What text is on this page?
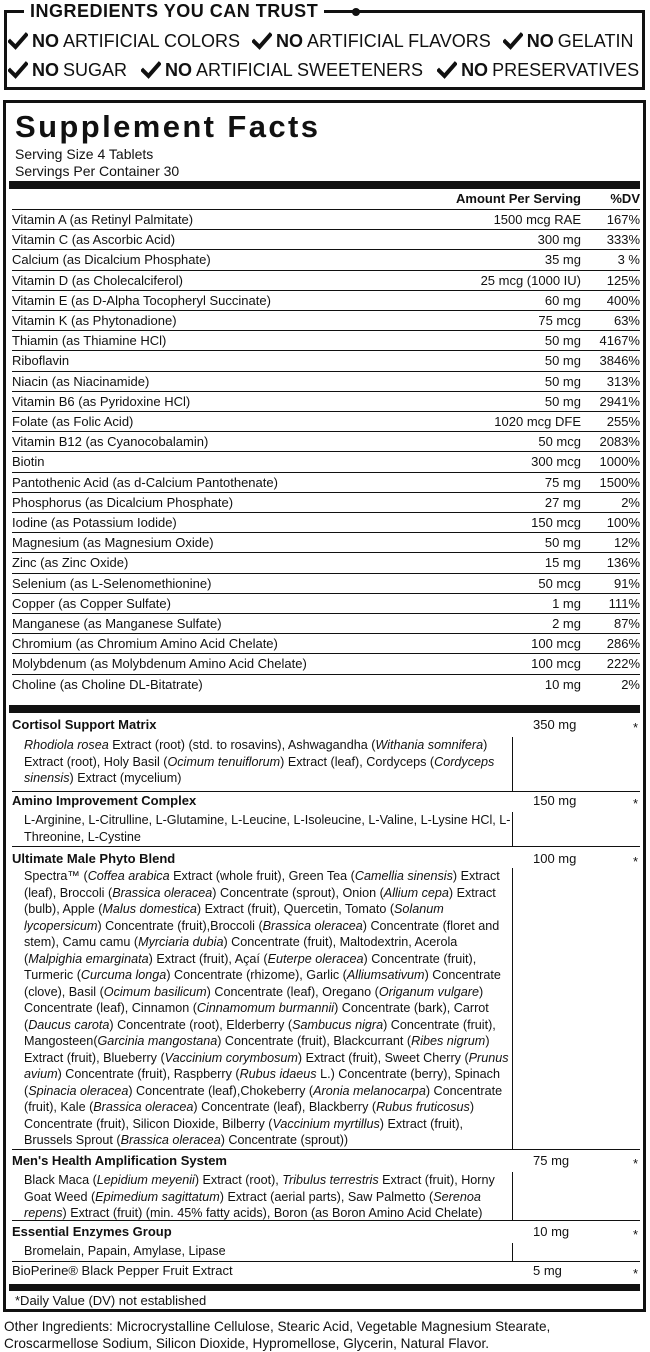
INGREDIENTS YOU CAN TRUST
NO ARTIFICIAL COLORS NO ARTIFICIAL FLAVORS NO GELATIN
NO SUGAR NO ARTIFICIAL SWEETENERS NO PRESERVATIVES
Supplement Facts
Serving Size 4 Tablets
Servings Per Container 30
Amount Per Serving %DV
Vitamin A (as Retinyl Palmitate)	1500 mcg RAE 167%
Vitamin C (as Ascorbic Acid)	300 mg 333%
Calcium (as Dicalcium Phosphate)	35 mg	3 %
Vitamin D (as Cholecalciferol)	25 mcg (1000 IU) 125%
Vitamin E (as D-Alpha Tocopheryl Succinate)	60 mg 400%
Vitamin K (as Phytonadione)	75 mcg	63%
Thiamin (as Thiamine HCl)	50 mg 4167%
Riboflavin	50 mg 3846%
Niacin (as Niacinamide)	50 mg 313%
Vitamin B6 (as Pyridoxine HCl)	50 mg 2941%
Folate (as Folic Acid)	1020 mcg DFE 255%
Vitamin B12 (as Cyanocobalamin)	50 mcg 2083%
Biotin	300 mcg 1000%
Pantothenic Acid (as d-Calcium Pantothenate)	75 mg 1500%
Phosphorus (as Dicalcium Phosphate)	27 mg	2%
Iodine (as Potassium Iodide)	150 mcg 100%
Magnesium (as Magnesium Oxide)	50 mg	12%
Zinc (as Zinc Oxide)	15 mg 136%
Selenium (as L-Selenomethionine)	50 mcg	91%
Copper (as Copper Sulfate)	1 mg 111%
Manganese (as Manganese Sulfate)	2 mg	87%
Chromium (as Chromium Amino Acid Chelate)	100 mcg 286%
Molybdenum (as Molybdenum Amino Acid Chelate)	100 mcg 222%
Choline (as Choline DL-Bitatrate)	10 mg	2%
Cortisol Support Matrix	350 mg	*
Rhodiola rosea Extract (root) (std. to rosavins), Ashwagandha (Withania somnifera) Extract (root), Holy Basil (Ocimum tenuiflorum) Extract (leaf), Cordyceps (Cordyceps sinensis) Extract (mycelium)
Amino Improvement Complex	150 mg	*
L-Arginine, L-Citrulline, L-Glutamine, L-Leucine, L-Isoleucine, L-Valine, L-Lysine HCl, L-Threonine, L-Cystine
Ultimate Male Phyto Blend	100 mg	*
Spectra™ (Coffea arabica Extract (whole fruit), Green Tea (Camellia sinensis) Extract (leaf), Broccoli (Brassica oleracea) Concentrate (sprout), Onion (Allium cepa) Extract (bulb), Apple (Malus domestica) Extract (fruit), Quercetin, Tomato (Solanum lycopersicum) Concentrate (fruit),Broccoli (Brassica oleracea) Concentrate (floret and stem), Camu camu (Myrciaria dubia) Concentrate (fruit), Maltodextrin, Acerola (Malpighia emarginata) Extract (fruit), Açaí (Euterpe oleracea) Concentrate (fruit), Turmeric (Curcuma longa) Concentrate (rhizome), Garlic (Alliumsativum) Concentrate (clove), Basil (Ocimum basilicum) Concentrate (leaf), Oregano (Origanum vulgare) Concentrate (leaf), Cinnamon (Cinnamomum burmannii) Concentrate (bark), Carrot (Daucus carota) Concentrate (root), Elderberry (Sambucus nigra) Concentrate (fruit), Mangosteen(Garcinia mangostana) Concentrate (fruit), Blackcurrant (Ribes nigrum) Extract (fruit), Blueberry (Vaccinium corymbosum) Extract (fruit), Sweet Cherry (Prunus avium) Concentrate (fruit), Raspberry (Rubus idaeus L.) Concentrate (berry), Spinach (Spinacia oleracea) Concentrate (leaf),Chokeberry (Aronia melanocarpa) Concentrate (fruit), Kale (Brassica oleracea) Concentrate (leaf), Blackberry (Rubus fruticosus) Concentrate (fruit), Silicon Dioxide, Bilberry (Vaccinium myrtillus) Extract (fruit), Brussels Sprout (Brassica oleracea) Concentrate (sprout))
Men's Health Amplification System	75 mg	*
Black Maca (Lepidium meyenii) Extract (root), Tribulus terrestris Extract (fruit), Horny Goat Weed (Epimedium sagittatum) Extract (aerial parts), Saw Palmetto (Serenoa repens) Extract (fruit) (min. 45% fatty acids), Boron (as Boron Amino Acid Chelate)
Essential Enzymes Group	10 mg	*
Bromelain, Papain, Amylase, Lipase
BioPerine® Black Pepper Fruit Extract	5 mg	*
*Daily Value (DV) not established
Other Ingredients: Microcrystalline Cellulose, Stearic Acid, Vegetable Magnesium Stearate, Croscarmellose Sodium, Silicon Dioxide, Hypromellose, Glycerin, Natural Flavor.
